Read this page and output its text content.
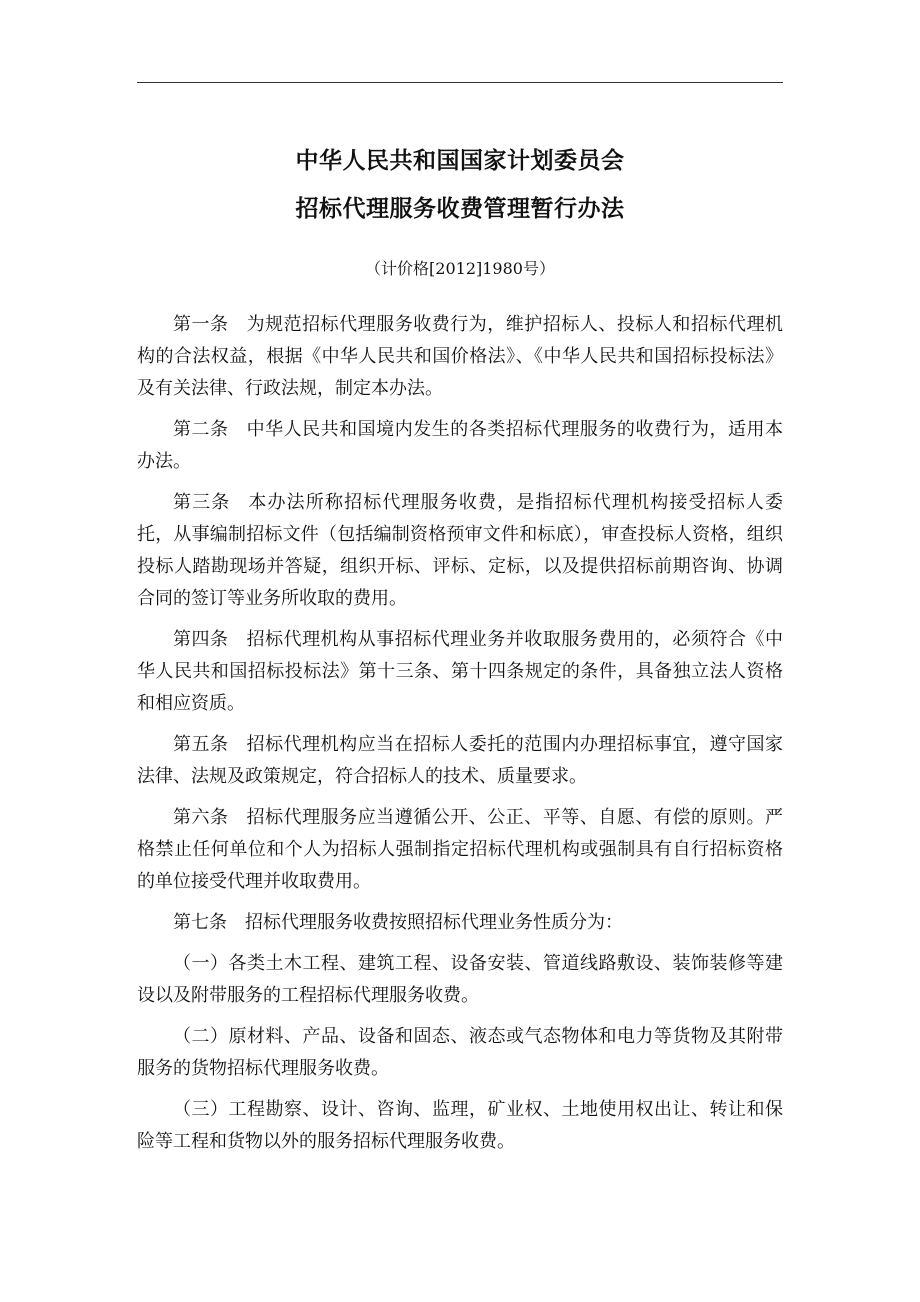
中华人民共和国国家计划委员会
招标代理服务收费管理暂行办法
（计价格[2012]1980号）

第一条 为规范招标代理服务收费行为，维护招标人、投标人和招标代理机构的合法权益，根据《中华人民共和国价格法》、《中华人民共和国招标投标法》及有关法律、行政法规，制定本办法。

第二条 中华人民共和国境内发生的各类招标代理服务的收费行为，适用本办法。

第三条 本办法所称招标代理服务收费，是指招标代理机构接受招标人委托，从事编制招标文件（包括编制资格预审文件和标底），审查投标人资格，组织投标人踏勘现场并答疑，组织开标、评标、定标，以及提供招标前期咨询、协调合同的签订等业务所收取的费用。

第四条 招标代理机构从事招标代理业务并收取服务费用的，必须符合《中华人民共和国招标投标法》第十三条、第十四条规定的条件，具备独立法人资格和相应资质。

第五条 招标代理机构应当在招标人委托的范围内办理招标事宜，遵守国家法律、法规及政策规定，符合招标人的技术、质量要求。

第六条 招标代理服务应当遵循公开、公正、平等、自愿、有偿的原则。严格禁止任何单位和个人为招标人强制指定招标代理机构或强制具有自行招标资格的单位接受代理并收取费用。

第七条 招标代理服务收费按照招标代理业务性质分为：

（一）各类土木工程、建筑工程、设备安装、管道线路敷设、装饰装修等建设以及附带服务的工程招标代理服务收费。

（二）原材料、产品、设备和固态、液态或气态物体和电力等货物及其附带服务的货物招标代理服务收费。

（三）工程勘察、设计、咨询、监理，矿业权、土地使用权出让、转让和保险等工程和货物以外的服务招标代理服务收费。
